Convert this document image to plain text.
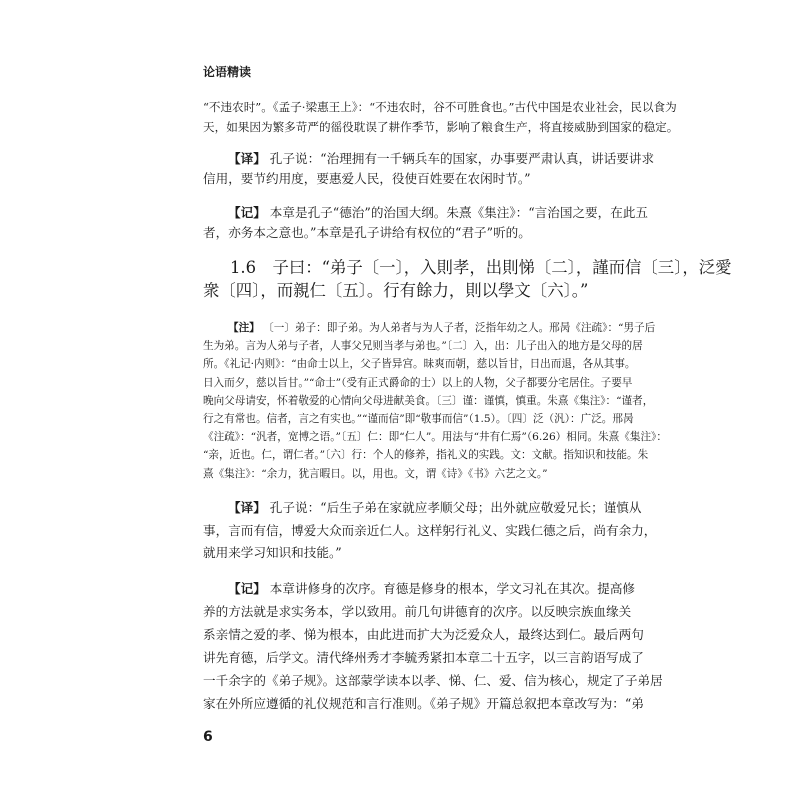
论语精读
“不违农时”。《孟子·梁惠王上》：“不违农时，谷不可胜食也。”古代中国是农业社会，民以食为
天，如果因为繁多苛严的徭役耽误了耕作季节，影响了粮食生产，将直接威胁到国家的稳定。
【译】 孔子说：“治理拥有一千辆兵车的国家，办事要严肃认真，讲话要讲求
信用，要节约用度，要惠爱人民，役使百姓要在农闲时节。”
【记】 本章是孔子“德治”的治国大纲。朱熹《集注》：“言治国之要，在此五
者，亦务本之意也。”本章是孔子讲给有权位的“君子”听的。
1.6　子曰：“弟子〔一〕，入則孝，出則悌〔二〕，謹而信〔三〕，泛愛
衆〔四〕，而親仁〔五〕。行有餘力，則以學文〔六〕。”
【注】 〔一〕弟子：即子弟。为人弟者与为人子者，泛指年幼之人。邢昺《注疏》：“男子后
生为弟。言为人弟与子者，人事父兄则当孝与弟也。”〔二〕入，出：儿子出入的地方是父母的居
所。《礼记·内则》：“由命士以上，父子皆异宫。昧爽而朝，慈以旨甘，日出而退，各从其事。
日入而夕，慈以旨甘。”“命士”（受有正式爵命的士）以上的人物，父子都要分宅居住。子要早
晚向父母请安，怀着敬爱的心情向父母进献美食。〔三〕谨：谨慎，慎重。朱熹《集注》：“谨者，
行之有常也。信者，言之有实也。”“谨而信”即“敬事而信”（1.5）。〔四〕泛（汎）：广泛。邢昺
《注疏》：“汎者，宽博之语。”〔五〕仁：即“仁人”。用法与“井有仁焉”（6.26）相同。朱熹《集注》：
“亲，近也。仁，谓仁者。”〔六〕行：个人的修养，指礼义的实践。文：文献。指知识和技能。朱
熹《集注》：“余力，犹言暇日。以，用也。文，谓《诗》《书》六艺之文。”
【译】 孔子说：“后生子弟在家就应孝顺父母；出外就应敬爱兄长；谨慎从
事，言而有信，博爱大众而亲近仁人。这样躬行礼义、实践仁德之后，尚有余力，
就用来学习知识和技能。”
【记】 本章讲修身的次序。育德是修身的根本，学文习礼在其次。提高修
养的方法就是求实务本，学以致用。前几句讲德育的次序。以反映宗族血缘关
系亲情之爱的孝、悌为根本，由此进而扩大为泛爱众人，最终达到仁。最后两句
讲先育德，后学文。清代绛州秀才李毓秀紧扣本章二十五字，以三言韵语写成了
一千余字的《弟子规》。这部蒙学读本以孝、悌、仁、爱、信为核心，规定了子弟居
家在外所应遵循的礼仪规范和言行准则。《弟子规》开篇总叙把本章改写为：“弟
6
